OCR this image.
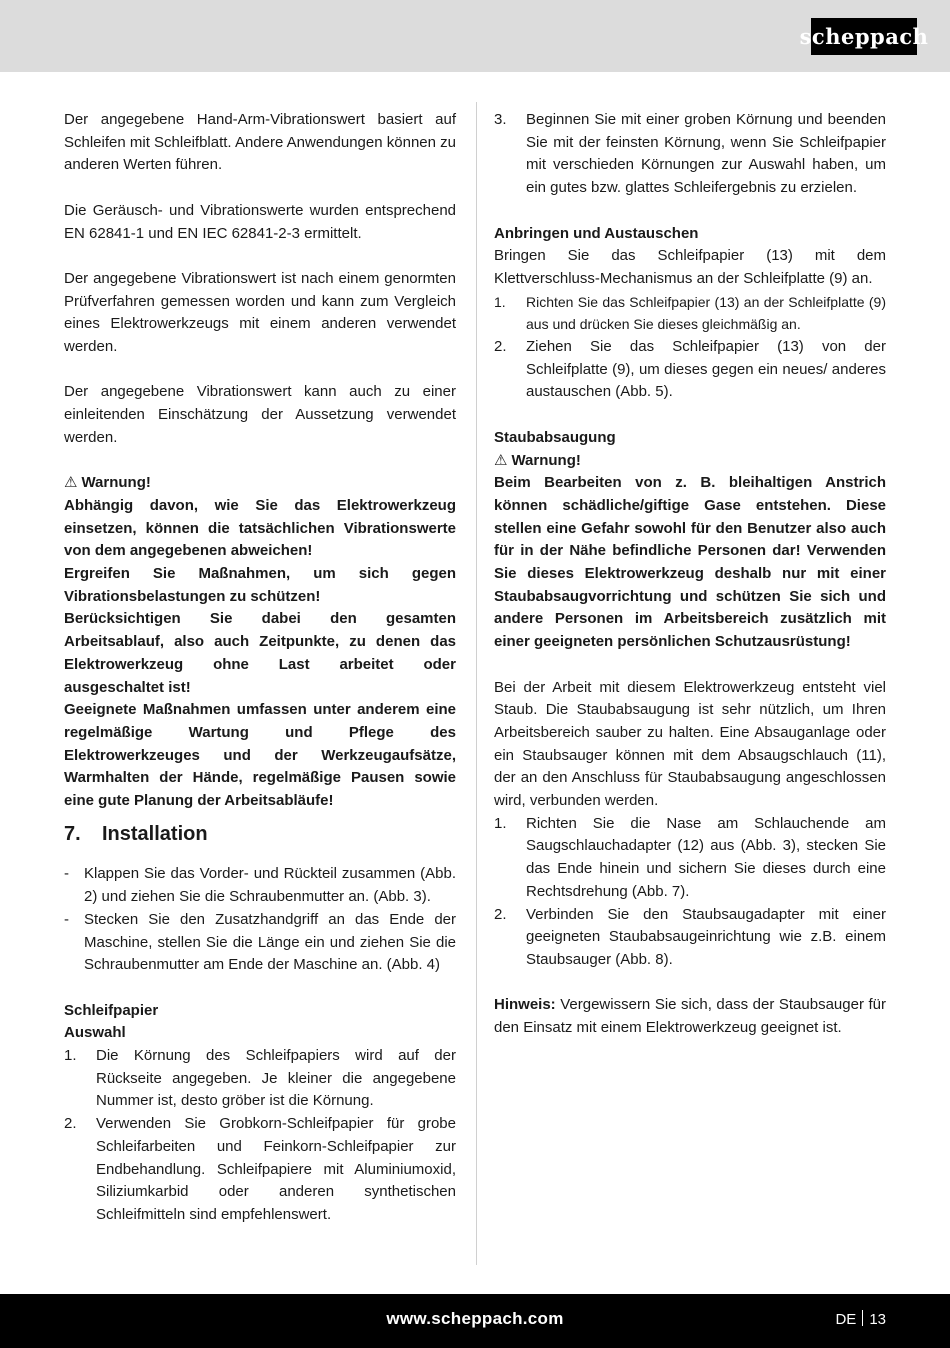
scheppach

Der angegebene Hand-Arm-Vibrationswert basiert auf Schleifen mit Schleifblatt. Andere Anwendungen können zu anderen Werten führen.

Die Geräusch- und Vibrationswerte wurden entsprechend EN 62841-1 und EN IEC 62841-2-3 ermittelt.

Der angegebene Vibrationswert ist nach einem genormten Prüfverfahren gemessen worden und kann zum Vergleich eines Elektrowerkzeugs mit einem anderen verwendet werden.

Der angegebene Vibrationswert kann auch zu einer einleitenden Einschätzung der Aussetzung verwendet werden.

⚠ Warnung!

Abhängig davon, wie Sie das Elektrowerkzeug einsetzen, können die tatsächlichen Vibrationswerte von dem angegebenen abweichen!

Ergreifen Sie Maßnahmen, um sich gegen Vibrationsbelastungen zu schützen!

Berücksichtigen Sie dabei den gesamten Arbeitsablauf, also auch Zeitpunkte, zu denen das Elektrowerkzeug ohne Last arbeitet oder ausgeschaltet ist!

Geeignete Maßnahmen umfassen unter anderem eine regelmäßige Wartung und Pflege des Elektrowerkzeuges und der Werkzeugaufsätze, Warmhalten der Hände, regelmäßige Pausen sowie eine gute Planung der Arbeitsabläufe!

7.	Installation
-	Klappen Sie das Vorder- und Rückteil zusammen (Abb. 2) und ziehen Sie die Schraubenmutter an. (Abb. 3).
-	Stecken Sie den Zusatzhandgriff an das Ende der Maschine, stellen Sie die Länge ein und ziehen Sie die Schraubenmutter am Ende der Maschine an. (Abb. 4)
Schleifpapier
Auswahl
1.	Die Körnung des Schleifpapiers wird auf der Rückseite angegeben. Je kleiner die angegebene Nummer ist, desto gröber ist die Körnung.
2.	Verwenden Sie Grobkorn-Schleifpapier für grobe Schleifarbeiten und Feinkorn-Schleifpapier zur Endbehandlung. Schleifpapiere mit Aluminiumoxid, Siliziumkarbid oder anderen synthetischen Schleifmitteln sind empfehlenswert.
3.	Beginnen Sie mit einer groben Körnung und beenden Sie mit der feinsten Körnung, wenn Sie Schleifpapier mit verschieden Körnungen zur Auswahl haben, um ein gutes bzw. glattes Schleifergebnis zu erzielen.
Anbringen und Austauschen

Bringen Sie das Schleifpapier (13) mit dem Klettverschluss-Mechanismus an der Schleifplatte (9) an.

1.	Richten Sie das Schleifpapier (13) an der Schleifplatte (9) aus und drücken Sie dieses gleichmäßig an.
2.	Ziehen Sie das Schleifpapier (13) von der Schleifplatte (9), um dieses gegen ein neues/ anderes austauschen (Abb. 5).
Staubabsaugung
⚠ Warnung!

Beim Bearbeiten von z. B. bleihaltigen Anstrich können schädliche/giftige Gase entstehen. Diese stellen eine Gefahr sowohl für den Benutzer also auch für in der Nähe befindliche Personen dar! Verwenden Sie dieses Elektrowerkzeug deshalb nur mit einer Staubabsaugvorrichtung und schützen Sie sich und andere Personen im Arbeitsbereich zusätzlich mit einer geeigneten persönlichen Schutzausrüstung!

Bei der Arbeit mit diesem Elektrowerkzeug entsteht viel Staub. Die Staubabsaugung ist sehr nützlich, um Ihren Arbeitsbereich sauber zu halten. Eine Absauganlage oder ein Staubsauger können mit dem Absaugschlauch (11), der an den Anschluss für Staubabsaugung angeschlossen wird, verbunden werden.

1.	Richten Sie die Nase am Schlauchende am Saugschlauchadapter (12) aus (Abb. 3), stecken Sie das Ende hinein und sichern Sie dieses durch eine Rechtsdrehung (Abb. 7).
2.	Verbinden Sie den Staubsaugadapter mit einer geeigneten Staubabsaugeinrichtung wie z.B. einem Staubsauger (Abb. 8).

Hinweis: Vergewissern Sie sich, dass der Staubsauger für den Einsatz mit einem Elektrowerkzeug geeignet ist.

www.scheppach.com	DE 13
